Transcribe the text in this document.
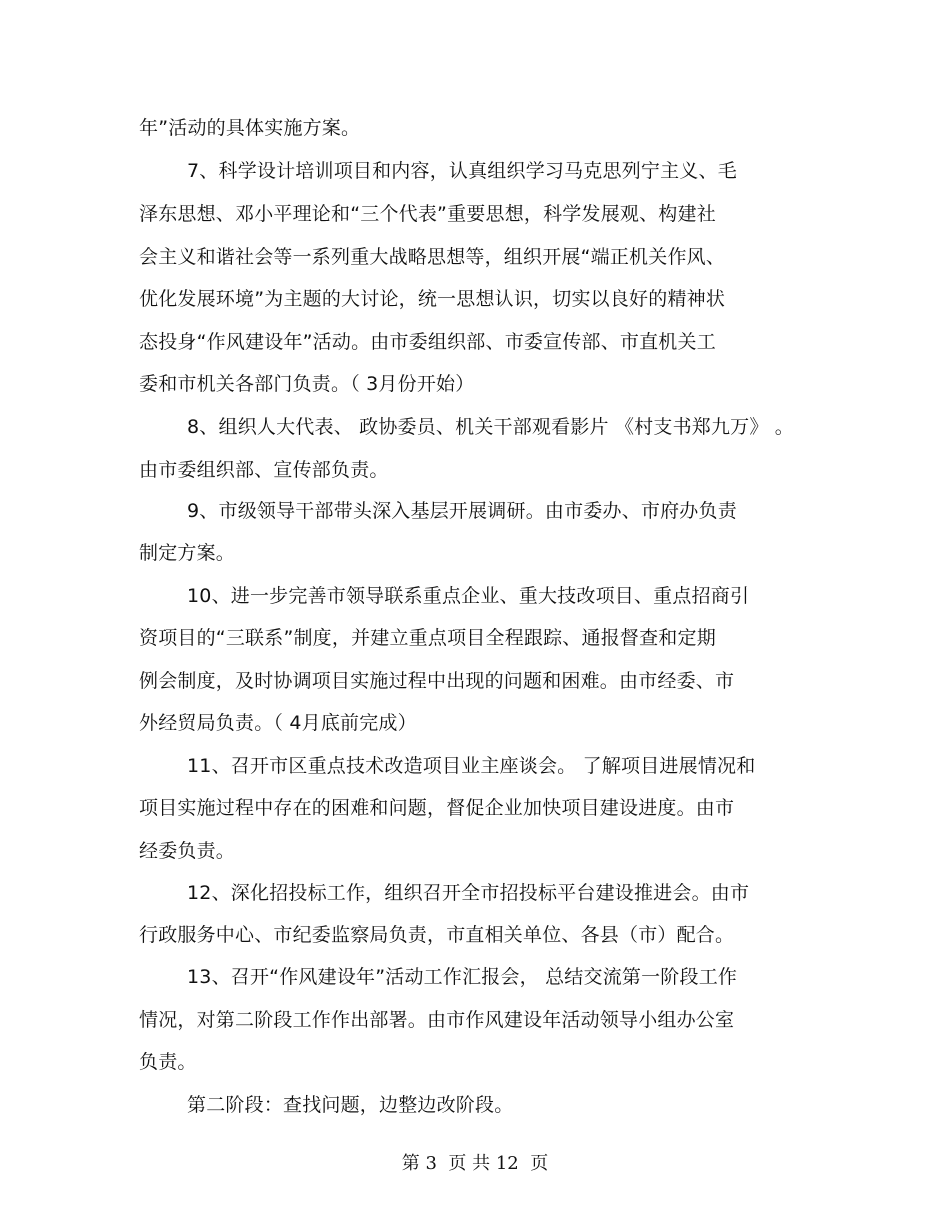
年”活动的具体实施方案。
7、科学设计培训项目和内容，认真组织学习马克思列宁主义、毛
泽东思想、邓小平理论和“三个代表”重要思想，科学发展观、构建社
会主义和谐社会等一系列重大战略思想等，组织开展“端正机关作风、
优化发展环境”为主题的大讨论，统一思想认识，切实以良好的精神状
态投身“作风建设年”活动。由市委组织部、市委宣传部、市直机关工
委和市机关各部门负责。（ 3月份开始）
8、组织人大代表、 政协委员、机关干部观看影片 《村支书郑九万》 。
由市委组织部、宣传部负责。
9、市级领导干部带头深入基层开展调研。由市委办、市府办负责
制定方案。
10、进一步完善市领导联系重点企业、重大技改项目、重点招商引
资项目的“三联系”制度，并建立重点项目全程跟踪、通报督查和定期
例会制度，及时协调项目实施过程中出现的问题和困难。由市经委、市
外经贸局负责。（ 4月底前完成）
11、召开市区重点技术改造项目业主座谈会。 了解项目进展情况和
项目实施过程中存在的困难和问题，督促企业加快项目建设进度。由市
经委负责。
12、深化招投标工作，组织召开全市招投标平台建设推进会。由市
行政服务中心、市纪委监察局负责，市直相关单位、各县（市）配合。
13、召开“作风建设年”活动工作汇报会， 总结交流第一阶段工作
情况，对第二阶段工作作出部署。由市作风建设年活动领导小组办公室
负责。
第二阶段：查找问题，边整边改阶段。
第 3  页 共 12  页
